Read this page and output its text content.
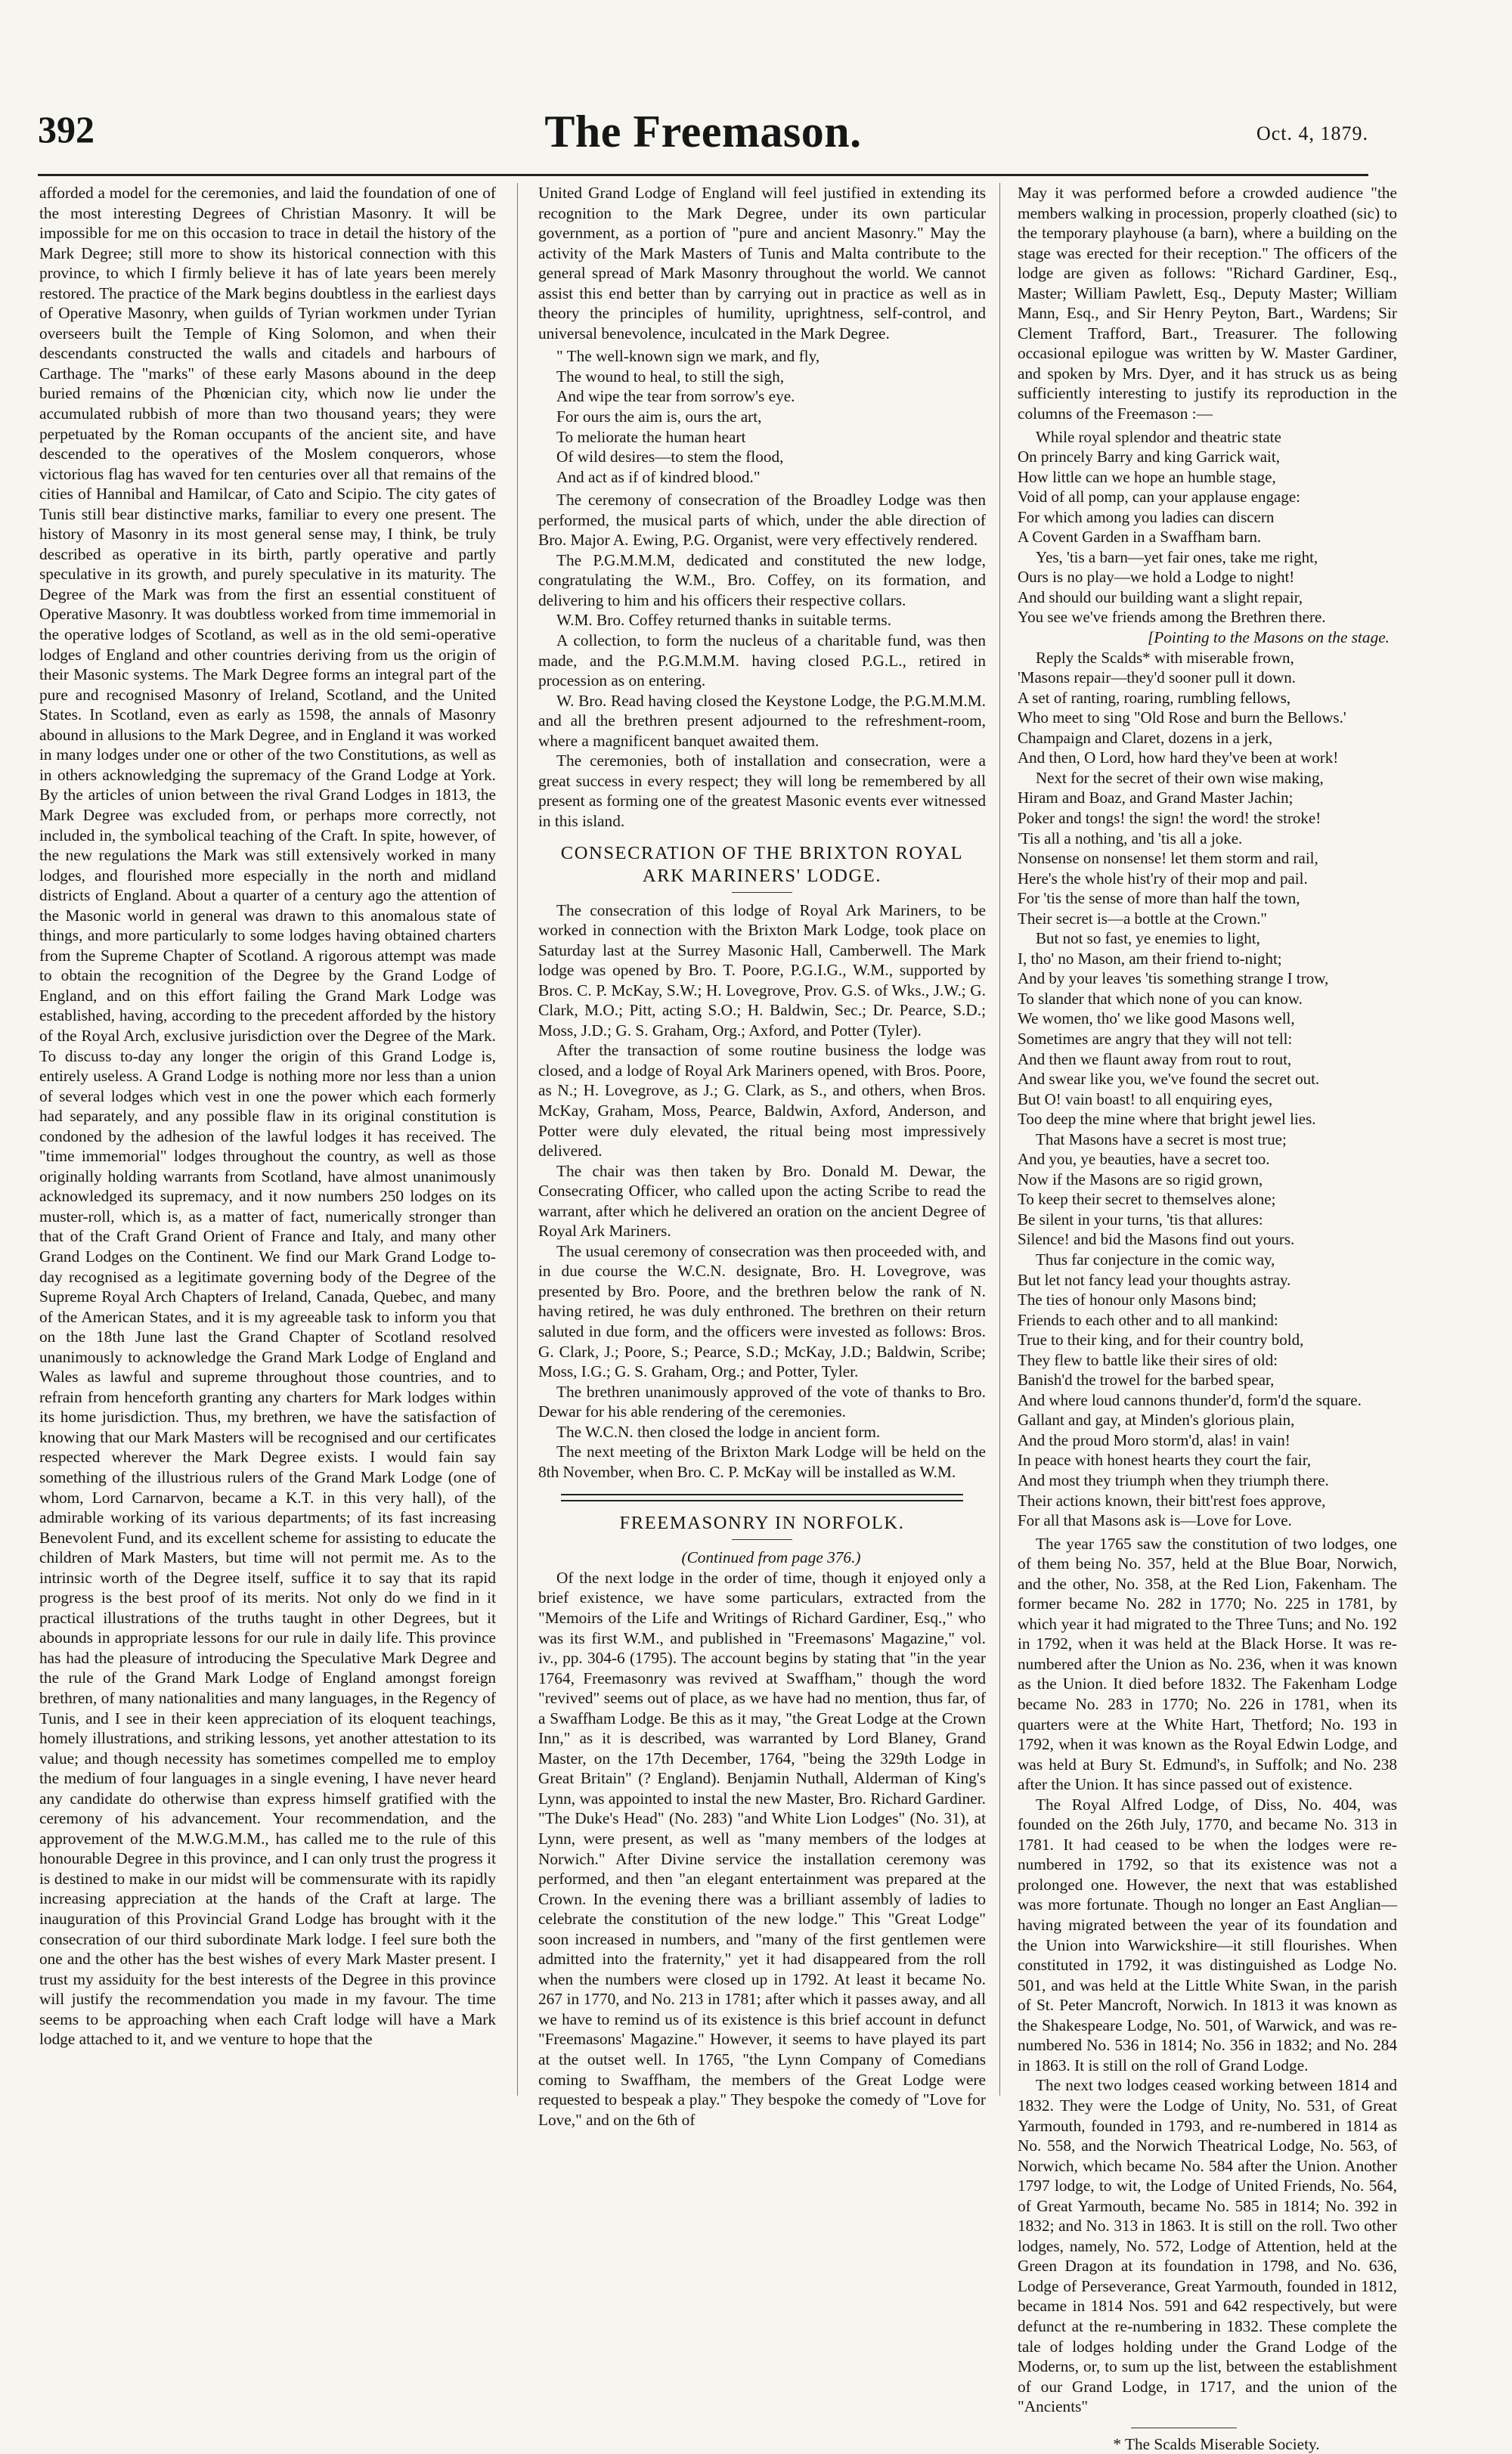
392	The Freemason.	Oct. 4, 1879.

afforded a model for the ceremonies, and laid the foundation of one of the most interesting Degrees of Christian Masonry. It will be impossible for me on this occasion to trace in detail the history of the Mark Degree; still more to show its historical connection with this province, to which I firmly believe it has of late years been merely restored. The practice of the Mark begins doubtless in the earliest days of Operative Masonry, when guilds of Tyrian workmen under Tyrian overseers built the Temple of King Solomon, and when their descendants constructed the walls and citadels and harbours of Carthage. The "marks" of these early Masons abound in the deep buried remains of the Phœnician city, which now lie under the accumulated rubbish of more than two thousand years; they were perpetuated by the Roman occupants of the ancient site, and have descended to the operatives of the Moslem conquerors, whose victorious flag has waved for ten centuries over all that remains of the cities of Hannibal and Hamilcar, of Cato and Scipio. The city gates of Tunis still bear distinctive marks, familiar to every one present. The history of Masonry in its most general sense may, I think, be truly described as operative in its birth, partly operative and partly speculative in its growth, and purely speculative in its maturity. The Degree of the Mark was from the first an essential constituent of Operative Masonry. It was doubtless worked from time immemorial in the operative lodges of Scotland, as well as in the old semi-operative lodges of England and other countries deriving from us the origin of their Masonic systems. The Mark Degree forms an integral part of the pure and recognised Masonry of Ireland, Scotland, and the United States. In Scotland, even as early as 1598, the annals of Masonry abound in allusions to the Mark Degree, and in England it was worked in many lodges under one or other of the two Constitutions, as well as in others acknowledging the supremacy of the Grand Lodge at York. By the articles of union between the rival Grand Lodges in 1813, the Mark Degree was excluded from, or perhaps more correctly, not included in, the symbolical teaching of the Craft. In spite, however, of the new regulations the Mark was still extensively worked in many lodges, and flourished more especially in the north and midland districts of England. About a quarter of a century ago the attention of the Masonic world in general was drawn to this anomalous state of things, and more particularly to some lodges having obtained charters from the Supreme Chapter of Scotland. A rigorous attempt was made to obtain the recognition of the Degree by the Grand Lodge of England, and on this effort failing the Grand Mark Lodge was established, having, according to the precedent afforded by the history of the Royal Arch, exclusive jurisdiction over the Degree of the Mark. To discuss to-day any longer the origin of this Grand Lodge is, entirely useless. A Grand Lodge is nothing more nor less than a union of several lodges which vest in one the power which each formerly had separately, and any possible flaw in its original constitution is condoned by the adhesion of the lawful lodges it has received. The "time immemorial" lodges throughout the country, as well as those originally holding warrants from Scotland, have almost unanimously acknowledged its supremacy, and it now numbers 250 lodges on its muster-roll, which is, as a matter of fact, numerically stronger than that of the Craft Grand Orient of France and Italy, and many other Grand Lodges on the Continent. We find our Mark Grand Lodge to-day recognised as a legitimate governing body of the Degree of the Supreme Royal Arch Chapters of Ireland, Canada, Quebec, and many of the American States, and it is my agreeable task to inform you that on the 18th June last the Grand Chapter of Scotland resolved unanimously to acknowledge the Grand Mark Lodge of England and Wales as lawful and supreme throughout those countries, and to refrain from henceforth granting any charters for Mark lodges within its home jurisdiction. Thus, my brethren, we have the satisfaction of knowing that our Mark Masters will be recognised and our certificates respected wherever the Mark Degree exists. I would fain say something of the illustrious rulers of the Grand Mark Lodge (one of whom, Lord Carnarvon, became a K.T. in this very hall), of the admirable working of its various departments; of its fast increasing Benevolent Fund, and its excellent scheme for assisting to educate the children of Mark Masters, but time will not permit me. As to the intrinsic worth of the Degree itself, suffice it to say that its rapid progress is the best proof of its merits. Not only do we find in it practical illustrations of the truths taught in other Degrees, but it abounds in appropriate lessons for our rule in daily life. This province has had the pleasure of introducing the Speculative Mark Degree and the rule of the Grand Mark Lodge of England amongst foreign brethren, of many nationalities and many languages, in the Regency of Tunis, and I see in their keen appreciation of its eloquent teachings, homely illustrations, and striking lessons, yet another attestation to its value; and though necessity has sometimes compelled me to employ the medium of four languages in a single evening, I have never heard any candidate do otherwise than express himself gratified with the ceremony of his advancement. Your recommendation, and the approvement of the M.W.G.M.M., has called me to the rule of this honourable Degree in this province, and I can only trust the progress it is destined to make in our midst will be commensurate with its rapidly increasing appreciation at the hands of the Craft at large. The inauguration of this Provincial Grand Lodge has brought with it the consecration of our third subordinate Mark lodge. I feel sure both the one and the other has the best wishes of every Mark Master present. I trust my assiduity for the best interests of the Degree in this province will justify the recommendation you made in my favour. The time seems to be approaching when each Craft lodge will have a Mark lodge attached to it, and we venture to hope that the

United Grand Lodge of England will feel justified in extending its recognition to the Mark Degree, under its own particular government, as a portion of "pure and ancient Masonry." May the activity of the Mark Masters of Tunis and Malta contribute to the general spread of Mark Masonry throughout the world. We cannot assist this end better than by carrying out in practice as well as in theory the principles of humility, uprightness, self-control, and universal benevolence, inculcated in the Mark Degree.

" The well-known sign we mark, and fly,
The wound to heal, to still the sigh,
And wipe the tear from sorrow's eye.
For ours the aim is, ours the art,
To meliorate the human heart
Of wild desires—to stem the flood,
And act as if of kindred blood."

The ceremony of consecration of the Broadley Lodge was then performed, the musical parts of which, under the able direction of Bro. Major A. Ewing, P.G. Organist, were very effectively rendered.

The P.G.M.M.M, dedicated and constituted the new lodge, congratulating the W.M., Bro. Coffey, on its formation, and delivering to him and his officers their respective collars.

W.M. Bro. Coffey returned thanks in suitable terms.

A collection, to form the nucleus of a charitable fund, was then made, and the P.G.M.M.M. having closed P.G.L., retired in procession as on entering.

W. Bro. Read having closed the Keystone Lodge, the P.G.M.M.M. and all the brethren present adjourned to the refreshment-room, where a magnificent banquet awaited them.

The ceremonies, both of installation and consecration, were a great success in every respect; they will long be remembered by all present as forming one of the greatest Masonic events ever witnessed in this island.

CONSECRATION OF THE BRIXTON ROYAL ARK MARINERS' LODGE.

The consecration of this lodge of Royal Ark Mariners, to be worked in connection with the Brixton Mark Lodge, took place on Saturday last at the Surrey Masonic Hall, Camberwell. The Mark lodge was opened by Bro. T. Poore, P.G.I.G., W.M., supported by Bros. C. P. McKay, S.W.; H. Lovegrove, Prov. G.S. of Wks., J.W.; G. Clark, M.O.; Pitt, acting S.O.; H. Baldwin, Sec.; Dr. Pearce, S.D.; Moss, J.D.; G. S. Graham, Org.; Axford, and Potter (Tyler).

After the transaction of some routine business the lodge was closed, and a lodge of Royal Ark Mariners opened, with Bros. Poore, as N.; H. Lovegrove, as J.; G. Clark, as S., and others, when Bros. McKay, Graham, Moss, Pearce, Baldwin, Axford, Anderson, and Potter were duly elevated, the ritual being most impressively delivered.

The chair was then taken by Bro. Donald M. Dewar, the Consecrating Officer, who called upon the acting Scribe to read the warrant, after which he delivered an oration on the ancient Degree of Royal Ark Mariners.

The usual ceremony of consecration was then proceeded with, and in due course the W.C.N. designate, Bro. H. Lovegrove, was presented by Bro. Poore, and the brethren below the rank of N. having retired, he was duly enthroned. The brethren on their return saluted in due form, and the officers were invested as follows: Bros. G. Clark, J.; Poore, S.; Pearce, S.D.; McKay, J.D.; Baldwin, Scribe; Moss, I.G.; G. S. Graham, Org.; and Potter, Tyler.

The brethren unanimously approved of the vote of thanks to Bro. Dewar for his able rendering of the ceremonies.

The W.C.N. then closed the lodge in ancient form.

The next meeting of the Brixton Mark Lodge will be held on the 8th November, when Bro. C. P. McKay will be installed as W.M.

FREEMASONRY IN NORFOLK.

(Continued from page 376.)

Of the next lodge in the order of time, though it enjoyed only a brief existence, we have some particulars, extracted from the "Memoirs of the Life and Writings of Richard Gardiner, Esq.," who was its first W.M., and published in "Freemasons' Magazine," vol. iv., pp. 304-6 (1795). The account begins by stating that "in the year 1764, Freemasonry was revived at Swaffham," though the word "revived" seems out of place, as we have had no mention, thus far, of a Swaffham Lodge. Be this as it may, "the Great Lodge at the Crown Inn," as it is described, was warranted by Lord Blaney, Grand Master, on the 17th December, 1764, "being the 329th Lodge in Great Britain" (? England). Benjamin Nuthall, Alderman of King's Lynn, was appointed to instal the new Master, Bro. Richard Gardiner. "The Duke's Head" (No. 283) "and White Lion Lodges" (No. 31), at Lynn, were present, as well as "many members of the lodges at Norwich." After Divine service the installation ceremony was performed, and then "an elegant entertainment was prepared at the Crown. In the evening there was a brilliant assembly of ladies to celebrate the constitution of the new lodge." This "Great Lodge" soon increased in numbers, and "many of the first gentlemen were admitted into the fraternity," yet it had disappeared from the roll when the numbers were closed up in 1792. At least it became No. 267 in 1770, and No. 213 in 1781; after which it passes away, and all we have to remind us of its existence is this brief account in defunct "Freemasons' Magazine." However, it seems to have played its part at the outset well. In 1765, "the Lynn Company of Comedians coming to Swaffham, the members of the Great Lodge were requested to bespeak a play." They bespoke the comedy of "Love for Love," and on the 6th of

May it was performed before a crowded audience "the members walking in procession, properly cloathed (sic) to the temporary playhouse (a barn), where a building on the stage was erected for their reception." The officers of the lodge are given as follows: "Richard Gardiner, Esq., Master; William Pawlett, Esq., Deputy Master; William Mann, Esq., and Sir Henry Peyton, Bart., Wardens; Sir Clement Trafford, Bart., Treasurer. The following occasional epilogue was written by W. Master Gardiner, and spoken by Mrs. Dyer, and it has struck us as being sufficiently interesting to justify its reproduction in the columns of the Freemason :—

While royal splendor and theatric state
On princely Barry and king Garrick wait,
How little can we hope an humble stage,
Void of all pomp, can your applause engage:
For which among you ladies can discern
A Covent Garden in a Swaffham barn.
Yes, 'tis a barn—yet fair ones, take me right,
Ours is no play—we hold a Lodge to night!
And should our building want a slight repair,
You see we've friends among the Brethren there.
[Pointing to the Masons on the stage.
Reply the Scalds* with miserable frown,
'Masons repair—they'd sooner pull it down.
A set of ranting, roaring, rumbling fellows,
Who meet to sing "Old Rose and burn the Bellows.'
Champaign and Claret, dozens in a jerk,
And then, O Lord, how hard they've been at work!
Next for the secret of their own wise making,
Hiram and Boaz, and Grand Master Jachin;
Poker and tongs! the sign! the word! the stroke!
'Tis all a nothing, and 'tis all a joke.
Nonsense on nonsense! let them storm and rail,
Here's the whole hist'ry of their mop and pail.
For 'tis the sense of more than half the town,
Their secret is—a bottle at the Crown."
But not so fast, ye enemies to light,
I, tho' no Mason, am their friend to-night;
And by your leaves 'tis something strange I trow,
To slander that which none of you can know.
We women, tho' we like good Masons well,
Sometimes are angry that they will not tell:
And then we flaunt away from rout to rout,
And swear like you, we've found the secret out.
But O! vain boast! to all enquiring eyes,
Too deep the mine where that bright jewel lies.
That Masons have a secret is most true;
And you, ye beauties, have a secret too.
Now if the Masons are so rigid grown,
To keep their secret to themselves alone;
Be silent in your turns, 'tis that allures:
Silence! and bid the Masons find out yours.
Thus far conjecture in the comic way,
But let not fancy lead your thoughts astray.
The ties of honour only Masons bind;
Friends to each other and to all mankind:
True to their king, and for their country bold,
They flew to battle like their sires of old:
Banish'd the trowel for the barbed spear,
And where loud cannons thunder'd, form'd the square.
Gallant and gay, at Minden's glorious plain,
And the proud Moro storm'd, alas! in vain!
In peace with honest hearts they court the fair,
And most they triumph when they triumph there.
Their actions known, their bitt'rest foes approve,
For all that Masons ask is—Love for Love.

The year 1765 saw the constitution of two lodges, one of them being No. 357, held at the Blue Boar, Norwich, and the other, No. 358, at the Red Lion, Fakenham. The former became No. 282 in 1770; No. 225 in 1781, by which year it had migrated to the Three Tuns; and No. 192 in 1792, when it was held at the Black Horse. It was re-numbered after the Union as No. 236, when it was known as the Union. It died before 1832. The Fakenham Lodge became No. 283 in 1770; No. 226 in 1781, when its quarters were at the White Hart, Thetford; No. 193 in 1792, when it was known as the Royal Edwin Lodge, and was held at Bury St. Edmund's, in Suffolk; and No. 238 after the Union. It has since passed out of existence.

The Royal Alfred Lodge, of Diss, No. 404, was founded on the 26th July, 1770, and became No. 313 in 1781. It had ceased to be when the lodges were re-numbered in 1792, so that its existence was not a prolonged one. However, the next that was established was more fortunate. Though no longer an East Anglian—having migrated between the year of its foundation and the Union into Warwickshire—it still flourishes. When constituted in 1792, it was distinguished as Lodge No. 501, and was held at the Little White Swan, in the parish of St. Peter Mancroft, Norwich. In 1813 it was known as the Shakespeare Lodge, No. 501, of Warwick, and was re-numbered No. 536 in 1814; No. 356 in 1832; and No. 284 in 1863. It is still on the roll of Grand Lodge.

The next two lodges ceased working between 1814 and 1832. They were the Lodge of Unity, No. 531, of Great Yarmouth, founded in 1793, and re-numbered in 1814 as No. 558, and the Norwich Theatrical Lodge, No. 563, of Norwich, which became No. 584 after the Union. Another 1797 lodge, to wit, the Lodge of United Friends, No. 564, of Great Yarmouth, became No. 585 in 1814; No. 392 in 1832; and No. 313 in 1863. It is still on the roll. Two other lodges, namely, No. 572, Lodge of Attention, held at the Green Dragon at its foundation in 1798, and No. 636, Lodge of Perseverance, Great Yarmouth, founded in 1812, became in 1814 Nos. 591 and 642 respectively, but were defunct at the re-numbering in 1832. These complete the tale of lodges holding under the Grand Lodge of the Moderns, or, to sum up the list, between the establishment of our Grand Lodge, in 1717, and the union of the "Ancients"

* The Scalds Miserable Society.
